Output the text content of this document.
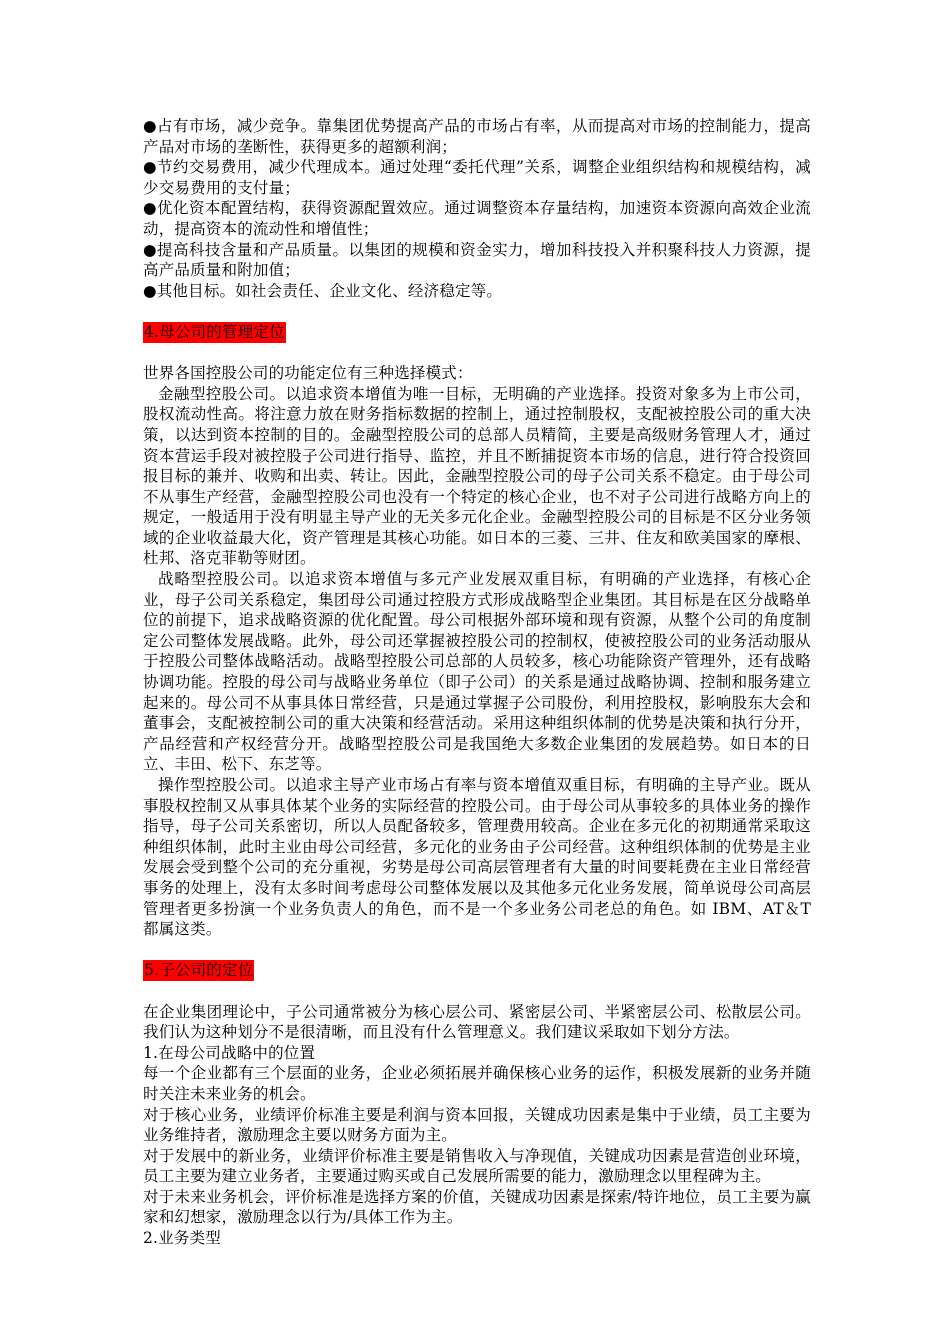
●占有市场，减少竞争。靠集团优势提高产品的市场占有率，从而提高对市场的控制能力，提高产品对市场的垄断性，获得更多的超额利润；

●节约交易费用，减少代理成本。通过处理“委托代理”关系，调整企业组织结构和规模结构，减少交易费用的支付量；

●优化资本配置结构，获得资源配置效应。通过调整资本存量结构，加速资本资源向高效企业流动，提高资本的流动性和增值性；

●提高科技含量和产品质量。以集团的规模和资金实力，增加科技投入并积聚科技人力资源，提高产品质量和附加值；

●其他目标。如社会责任、企业文化、经济稳定等。

4.母公司的管理定位

世界各国控股公司的功能定位有三种选择模式：

金融型控股公司。以追求资本增值为唯一目标，无明确的产业选择。投资对象多为上市公司，股权流动性高。将注意力放在财务指标数据的控制上，通过控制股权，支配被控股公司的重大决策，以达到资本控制的目的。金融型控股公司的总部人员精简，主要是高级财务管理人才，通过资本营运手段对被控股子公司进行指导、监控，并且不断捕捉资本市场的信息，进行符合投资回报目标的兼并、收购和出卖、转让。因此，金融型控股公司的母子公司关系不稳定。由于母公司不从事生产经营，金融型控股公司也没有一个特定的核心企业，也不对子公司进行战略方向上的规定，一般适用于没有明显主导产业的无关多元化企业。金融型控股公司的目标是不区分业务领域的企业收益最大化，资产管理是其核心功能。如日本的三菱、三井、住友和欧美国家的摩根、杜邦、洛克菲勒等财团。

战略型控股公司。以追求资本增值与多元产业发展双重目标，有明确的产业选择，有核心企业，母子公司关系稳定，集团母公司通过控股方式形成战略型企业集团。其目标是在区分战略单位的前提下，追求战略资源的优化配置。母公司根据外部环境和现有资源，从整个公司的角度制定公司整体发展战略。此外，母公司还掌握被控股公司的控制权，使被控股公司的业务活动服从于控股公司整体战略活动。战略型控股公司总部的人员较多，核心功能除资产管理外，还有战略协调功能。控股的母公司与战略业务单位（即子公司）的关系是通过战略协调、控制和服务建立起来的。母公司不从事具体日常经营，只是通过掌握子公司股份，利用控股权，影响股东大会和董事会，支配被控制公司的重大决策和经营活动。采用这种组织体制的优势是决策和执行分开，产品经营和产权经营分开。战略型控股公司是我国绝大多数企业集团的发展趋势。如日本的日立、丰田、松下、东芝等。

操作型控股公司。以追求主导产业市场占有率与资本增值双重目标，有明确的主导产业。既从事股权控制又从事具体某个业务的实际经营的控股公司。由于母公司从事较多的具体业务的操作指导，母子公司关系密切，所以人员配备较多，管理费用较高。企业在多元化的初期通常采取这种组织体制，此时主业由母公司经营，多元化的业务由子公司经营。这种组织体制的优势是主业发展会受到整个公司的充分重视，劣势是母公司高层管理者有大量的时间要耗费在主业日常经营事务的处理上，没有太多时间考虑母公司整体发展以及其他多元化业务发展，简单说母公司高层管理者更多扮演一个业务负责人的角色，而不是一个多业务公司老总的角色。如 IBM、AT＆T 都属这类。

5.子公司的定位

在企业集团理论中，子公司通常被分为核心层公司、紧密层公司、半紧密层公司、松散层公司。我们认为这种划分不是很清晰，而且没有什么管理意义。我们建议采取如下划分方法。

1.在母公司战略中的位置

每一个企业都有三个层面的业务，企业必须拓展并确保核心业务的运作，积极发展新的业务并随时关注未来业务的机会。

对于核心业务，业绩评价标准主要是利润与资本回报，关键成功因素是集中于业绩，员工主要为业务维持者，激励理念主要以财务方面为主。

对于发展中的新业务，业绩评价标准主要是销售收入与净现值，关键成功因素是营造创业环境，员工主要为建立业务者，主要通过购买或自己发展所需要的能力，激励理念以里程碑为主。

对于未来业务机会，评价标准是选择方案的价值，关键成功因素是探索/特许地位，员工主要为赢家和幻想家，激励理念以行为/具体工作为主。

2.业务类型
